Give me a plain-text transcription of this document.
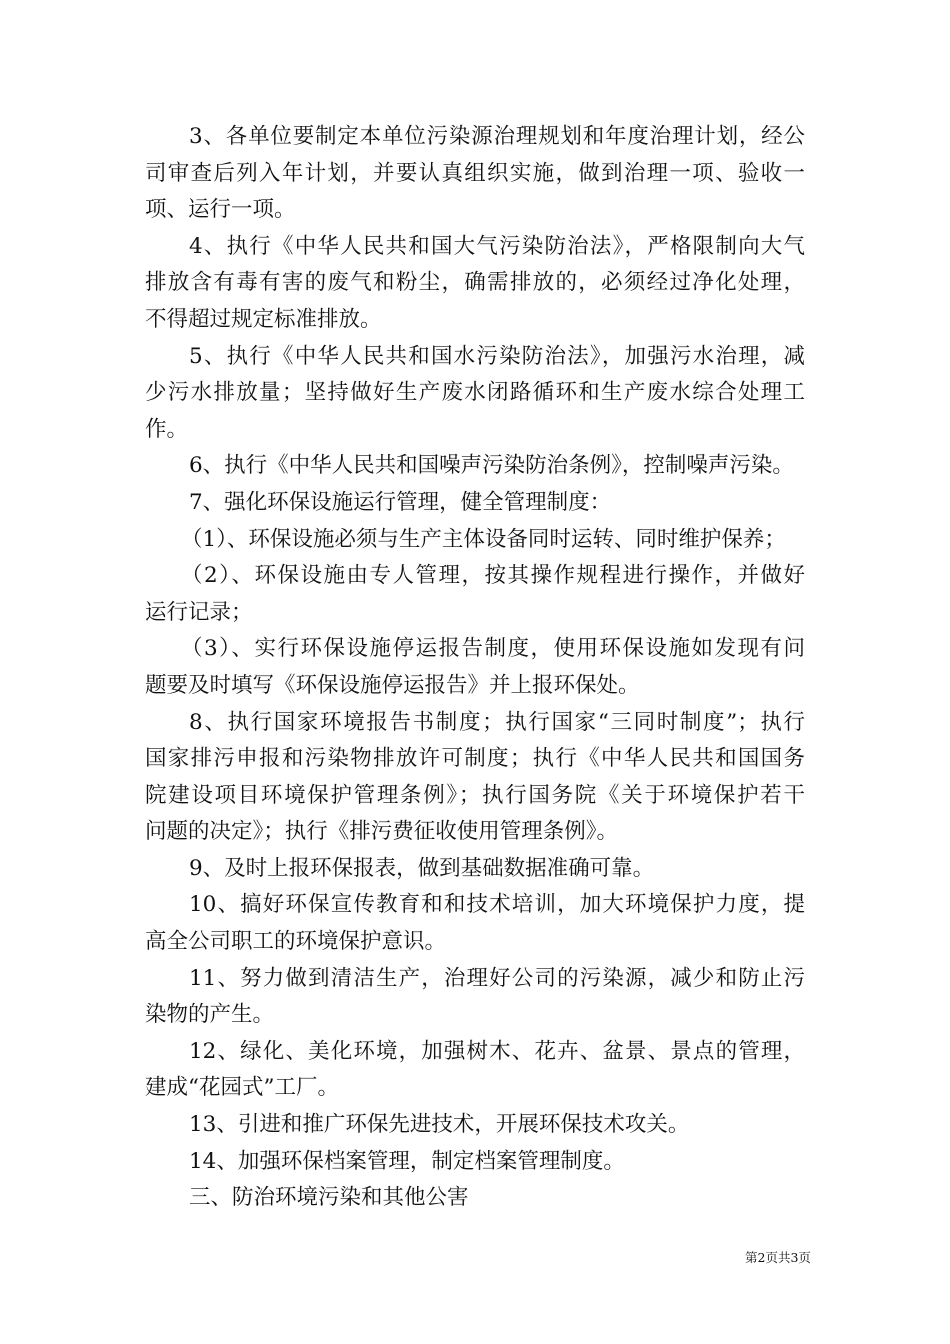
3、各单位要制定本单位污染源治理规划和年度治理计划，经公
司审查后列入年计划，并要认真组织实施，做到治理一项、验收一
项、运行一项。
4、执行《中华人民共和国大气污染防治法》，严格限制向大气
排放含有毒有害的废气和粉尘，确需排放的，必须经过净化处理，
不得超过规定标准排放。
5、执行《中华人民共和国水污染防治法》，加强污水治理，减
少污水排放量；坚持做好生产废水闭路循环和生产废水综合处理工
作。
6、执行《中华人民共和国噪声污染防治条例》，控制噪声污染。
7、强化环保设施运行管理，健全管理制度：
（1）、环保设施必须与生产主体设备同时运转、同时维护保养；
（2）、环保设施由专人管理，按其操作规程进行操作，并做好
运行记录；
（3）、实行环保设施停运报告制度，使用环保设施如发现有问
题要及时填写《环保设施停运报告》并上报环保处。
8、执行国家环境报告书制度；执行国家“三同时制度”；执行
国家排污申报和污染物排放许可制度；执行《中华人民共和国国务
院建设项目环境保护管理条例》；执行国务院《关于环境保护若干
问题的决定》；执行《排污费征收使用管理条例》。
9、及时上报环保报表，做到基础数据准确可靠。
10、搞好环保宣传教育和和技术培训，加大环境保护力度，提
高全公司职工的环境保护意识。
11、努力做到清洁生产，治理好公司的污染源，减少和防止污
染物的产生。
12、绿化、美化环境，加强树木、花卉、盆景、景点的管理，
建成“花园式”工厂。
13、引进和推广环保先进技术，开展环保技术攻关。
14、加强环保档案管理，制定档案管理制度。
三、防治环境污染和其他公害
第2页共3页
